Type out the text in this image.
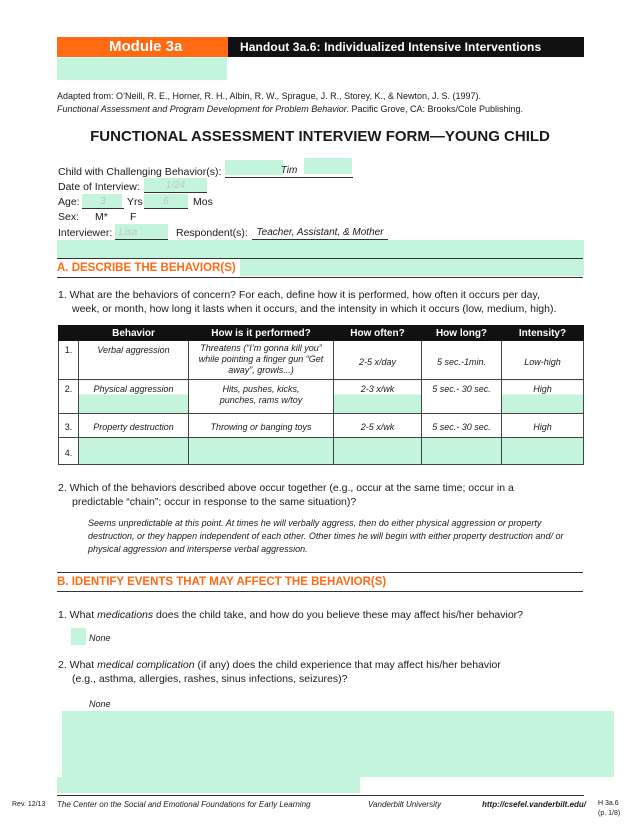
Module 3a	Handout 3a.6: Individualized Intensive Interventions
Adapted from: O’Neill, R. E., Horner, R. H., Albin, R. W., Sprague, J. R., Storey, K., & Newton, J. S. (1997).
Functional Assessment and Program Development for Problem Behavior. Pacific Grove, CA: Brooks/Cole Publishing.
FUNCTIONAL ASSESSMENT INTERVIEW FORM—YOUNG CHILD
Child with Challenging Behavior(s):	Tim
Date of Interview:	1/24
Age:	3	Yrs	6	Mos
Sex: M* F
Interviewer: Lisa	Respondent(s): Teacher, Assistant, & Mother
A. DESCRIBE THE BEHAVIOR(S)
1. What are the behaviors of concern? For each, define how it is performed, how often it occurs per day,
week, or month, how long it lasts when it occurs, and the intensity in which it occurs (low, medium, high).
	Behavior	How is it performed?	How often?	How long?	Intensity?
1.	Verbal aggression	Threatens (“I’m gonna kill you” while pointing a finger gun “Get away”, growls...)	2-5 x/day	5 sec.-1min.	Low-high
2.	Physical aggression	Hits, pushes, kicks, punches, rams w/toy	2-3 x/wk	5 sec.- 30 sec.	High
3.	Property destruction	Throwing or banging toys	2-5 x/wk	5 sec.- 30 sec.	High
4.					
2. Which of the behaviors described above occur together (e.g., occur at the same time; occur in a
predictable “chain”; occur in response to the same situation)?
Seems unpredictable at this point. At times he will verbally aggress, then do either physical aggression or property destruction, or they happen independent of each other. Other times he will begin with either property destruction and/ or physical aggression and intersperse verbal aggression.
B. IDENTIFY EVENTS THAT MAY AFFECT THE BEHAVIOR(S)
1. What medications does the child take, and how do you believe these may affect his/her behavior?
None
2. What medical complication (if any) does the child experience that may affect his/her behavior
(e.g., asthma, allergies, rashes, sinus infections, seizures)?
None
Rev. 12/13 The Center on the Social and Emotional Foundations for Early Learning	Vanderbilt University	http://csefel.vanderbilt.edu/ H 3a.6
(p. 1/8)
